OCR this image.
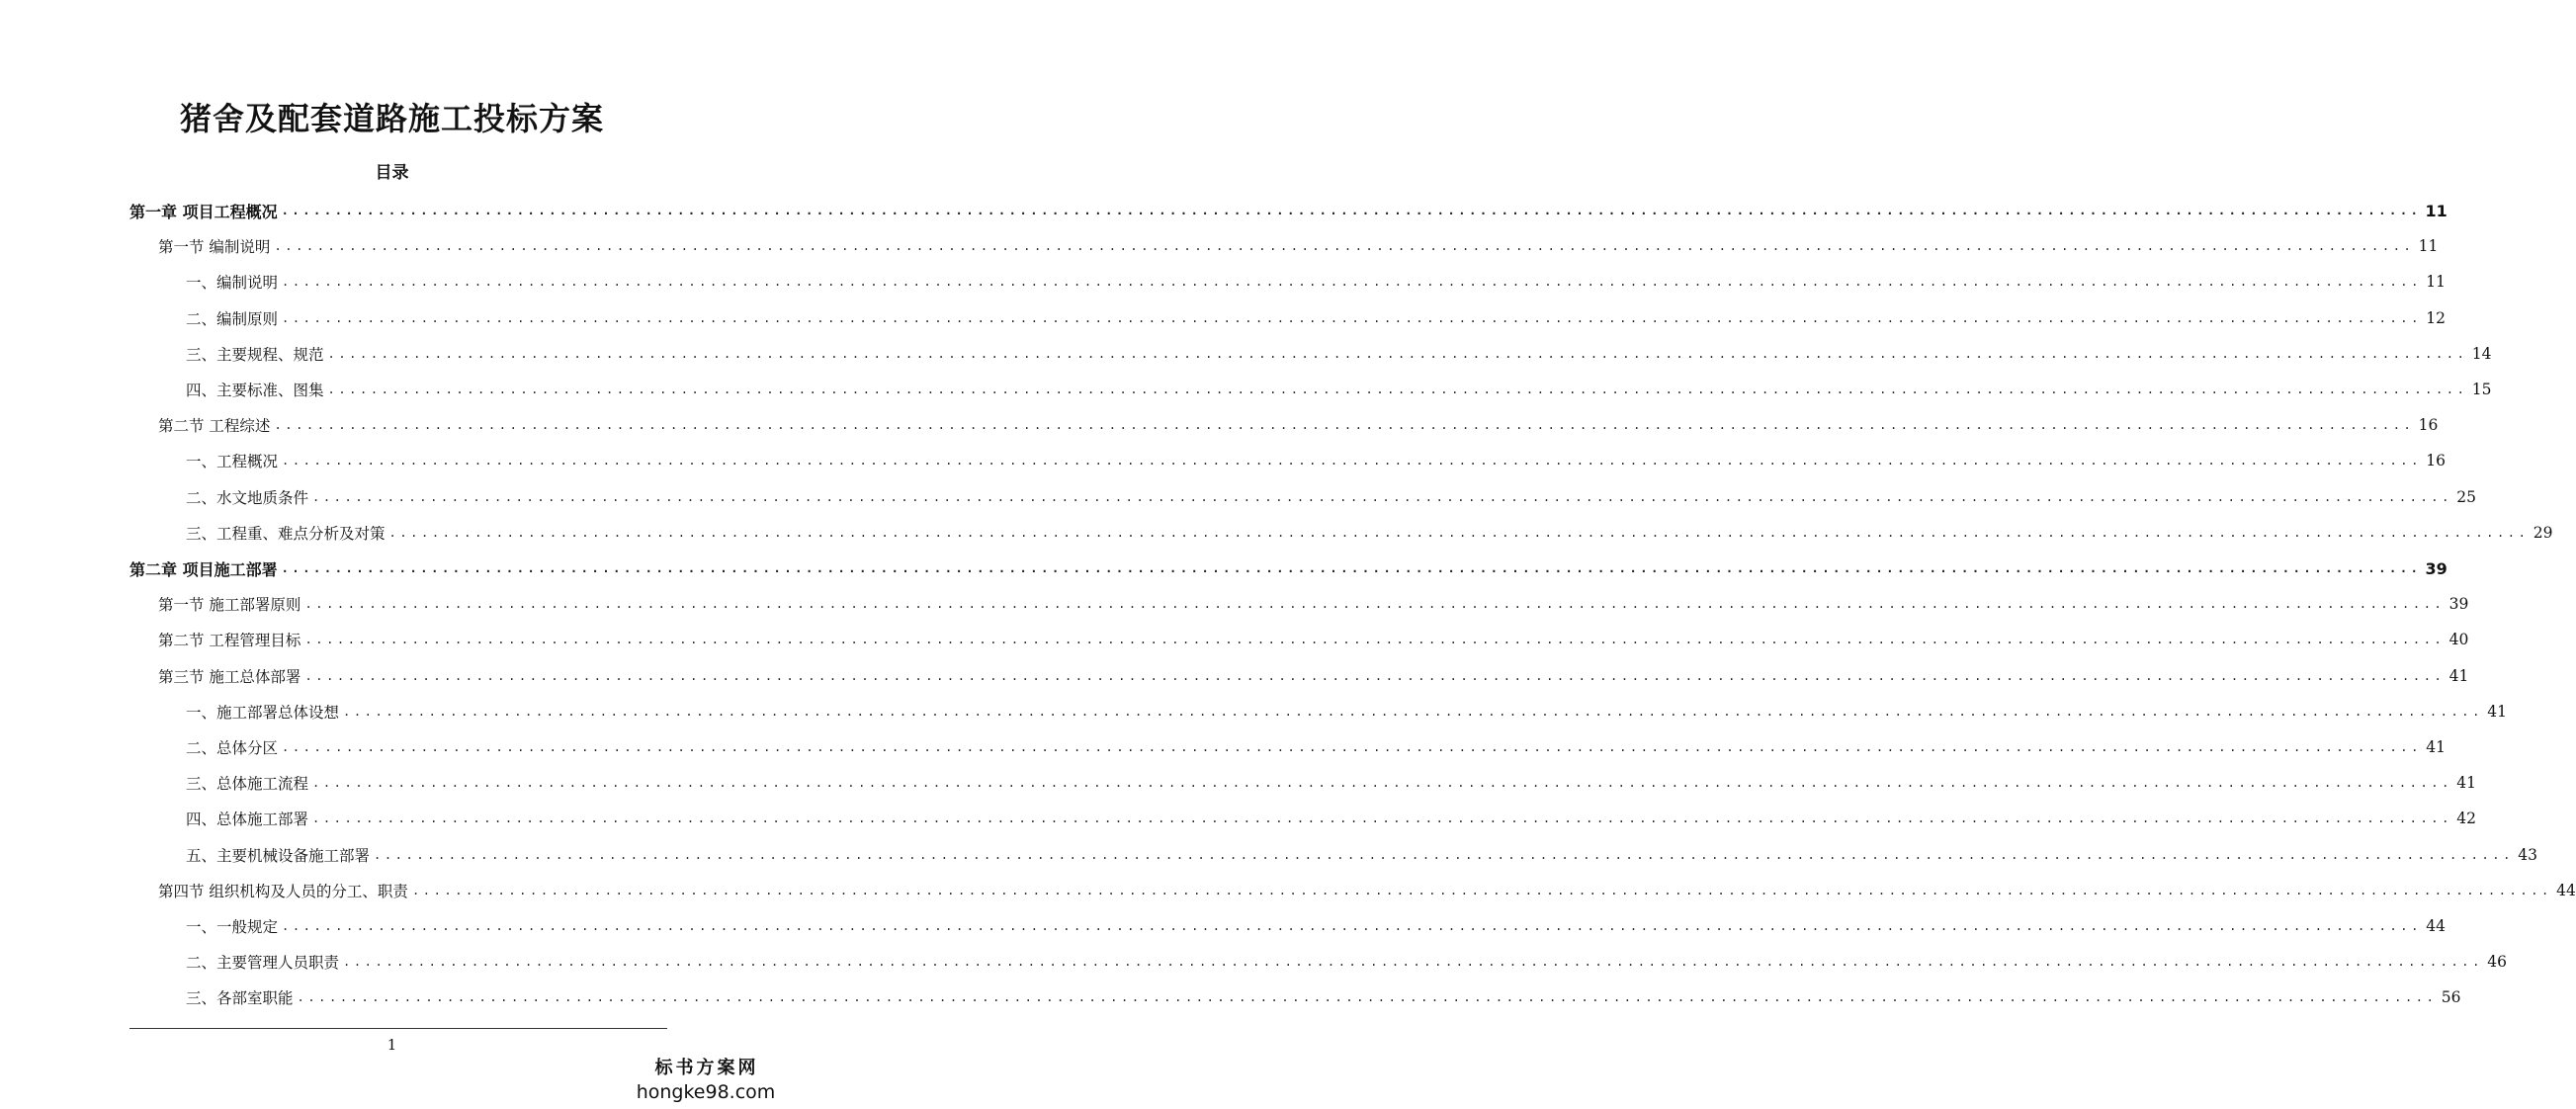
猪舍及配套道路施工投标方案
目录
第一章 项目工程概况 ........................................................................................................................................................................................................ 11
第一节 编制说明 ........................................................................................................................................................................................................ 11
一、编制说明 ........................................................................................................................................................................................................ 11
二、编制原则 ........................................................................................................................................................................................................ 12
三、主要规程、规范 ........................................................................................................................................................................................................ 14
四、主要标准、图集 ........................................................................................................................................................................................................ 15
第二节 工程综述 ........................................................................................................................................................................................................ 16
一、工程概况 ........................................................................................................................................................................................................ 16
二、水文地质条件 ........................................................................................................................................................................................................ 25
三、工程重、难点分析及对策 ........................................................................................................................................................................................................ 29
第二章 项目施工部署 ........................................................................................................................................................................................................ 39
第一节 施工部署原则 ........................................................................................................................................................................................................ 39
第二节 工程管理目标 ........................................................................................................................................................................................................ 40
第三节 施工总体部署 ........................................................................................................................................................................................................ 41
一、施工部署总体设想 ........................................................................................................................................................................................................ 41
二、总体分区 ........................................................................................................................................................................................................ 41
三、总体施工流程 ........................................................................................................................................................................................................ 41
四、总体施工部署 ........................................................................................................................................................................................................ 42
五、主要机械设备施工部署 ........................................................................................................................................................................................................ 43
第四节 组织机构及人员的分工、职责 ........................................................................................................................................................................................................ 44
一、一般规定 ........................................................................................................................................................................................................ 44
二、主要管理人员职责 ........................................................................................................................................................................................................ 46
三、各部室职能 ........................................................................................................................................................................................................ 56
1
标书方案网
hongke98.com
